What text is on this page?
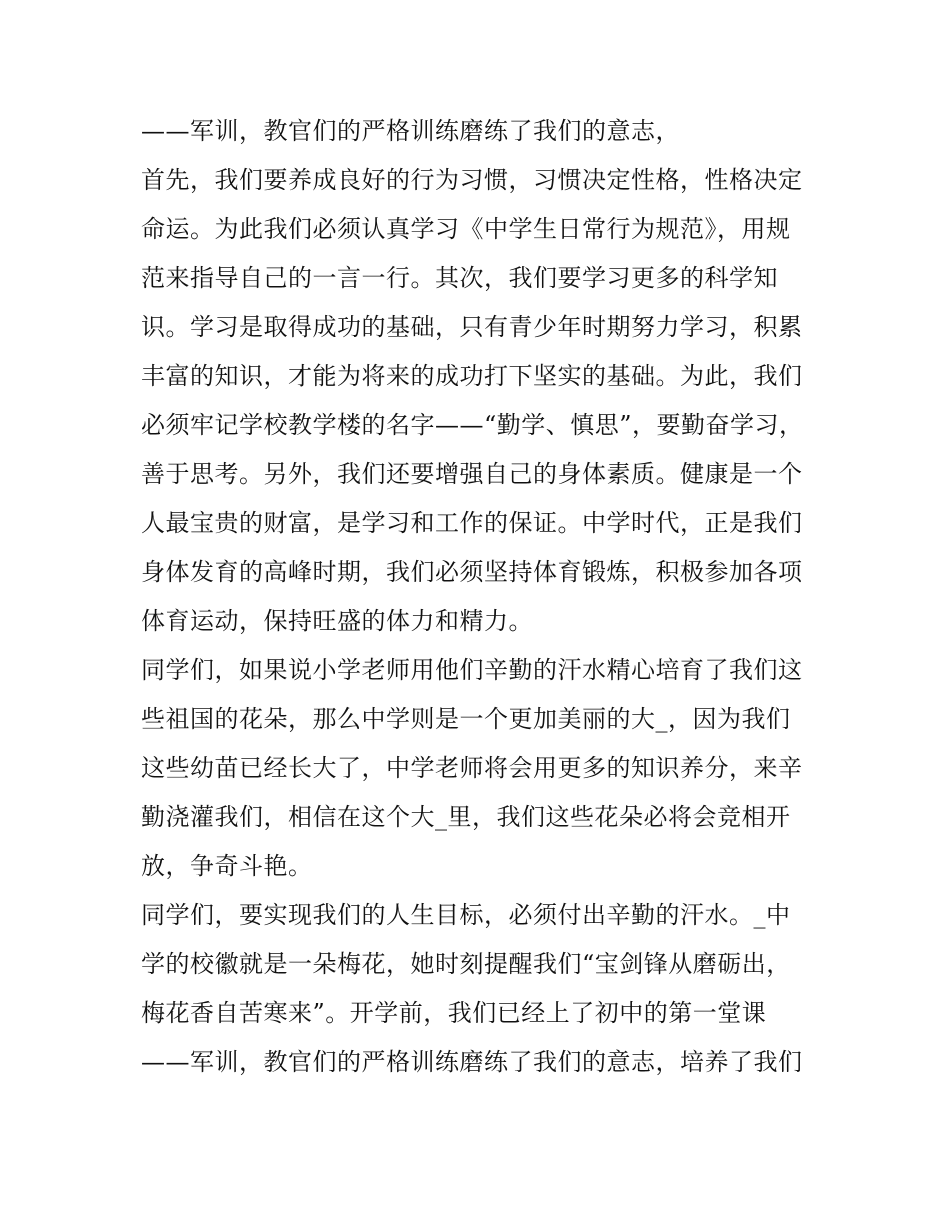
——军训，教官们的严格训练磨练了我们的意志，
首先，我们要养成良好的行为习惯，习惯决定性格，性格决定
命运。为此我们必须认真学习《中学生日常行为规范》，用规
范来指导自己的一言一行。其次，我们要学习更多的科学知
识。学习是取得成功的基础，只有青少年时期努力学习，积累
丰富的知识，才能为将来的成功打下坚实的基础。为此，我们
必须牢记学校教学楼的名字——“勤学、慎思”，要勤奋学习，
善于思考。另外，我们还要增强自己的身体素质。健康是一个
人最宝贵的财富，是学习和工作的保证。中学时代，正是我们
身体发育的高峰时期，我们必须坚持体育锻炼，积极参加各项
体育运动，保持旺盛的体力和精力。
同学们，如果说小学老师用他们辛勤的汗水精心培育了我们这
些祖国的花朵，那么中学则是一个更加美丽的大_，因为我们
这些幼苗已经长大了，中学老师将会用更多的知识养分，来辛
勤浇灌我们，相信在这个大_里，我们这些花朵必将会竞相开
放，争奇斗艳。
同学们，要实现我们的人生目标，必须付出辛勤的汗水。_中
学的校徽就是一朵梅花，她时刻提醒我们“宝剑锋从磨砺出，
梅花香自苦寒来”。开学前，我们已经上了初中的第一堂课
——军训，教官们的严格训练磨练了我们的意志，培养了我们
